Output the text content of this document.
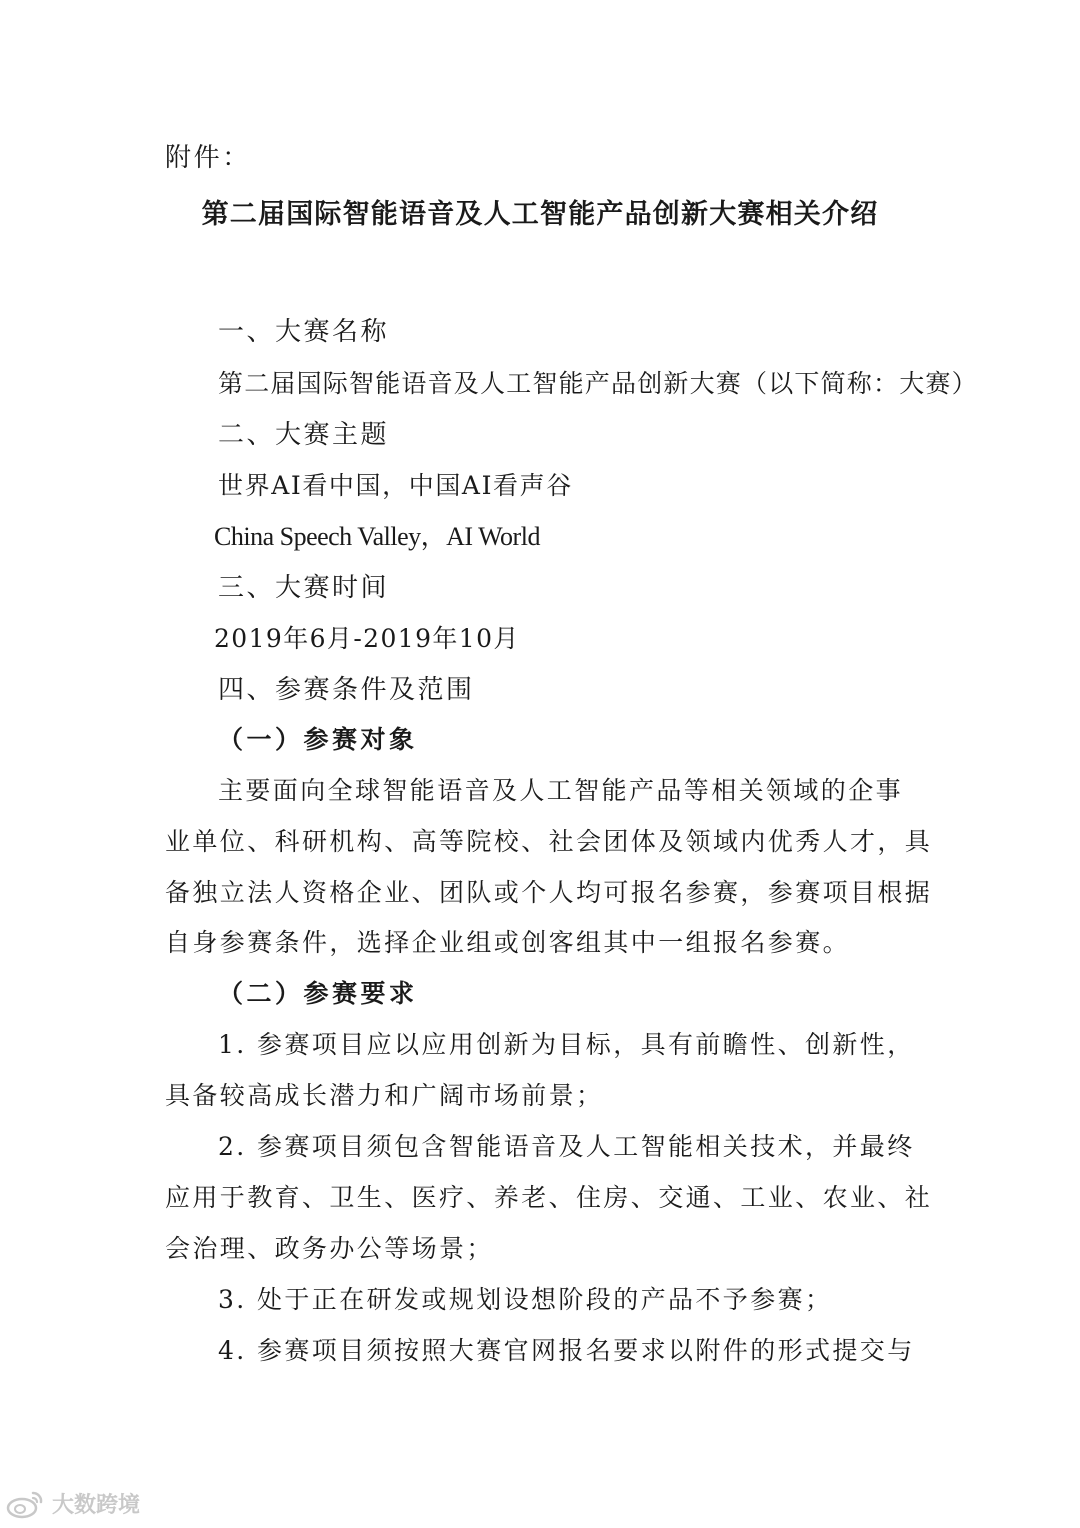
附件：
第二届国际智能语音及人工智能产品创新大赛相关介绍
一、大赛名称
第二届国际智能语音及人工智能产品创新大赛（以下简称：大赛）
二、大赛主题
世界AI看中国，中国AI看声谷
China Speech Valley，AI World
三、大赛时间
2019年6月-2019年10月
四、参赛条件及范围
（一）参赛对象
主要面向全球智能语音及人工智能产品等相关领域的企事
业单位、科研机构、高等院校、社会团体及领域内优秀人才，具
备独立法人资格企业、团队或个人均可报名参赛，参赛项目根据
自身参赛条件，选择企业组或创客组其中一组报名参赛。
（二）参赛要求
1. 参赛项目应以应用创新为目标，具有前瞻性、创新性，
具备较高成长潜力和广阔市场前景；
2. 参赛项目须包含智能语音及人工智能相关技术，并最终
应用于教育、卫生、医疗、养老、住房、交通、工业、农业、社
会治理、政务办公等场景；
3. 处于正在研发或规划设想阶段的产品不予参赛；
4. 参赛项目须按照大赛官网报名要求以附件的形式提交与
大数跨境
